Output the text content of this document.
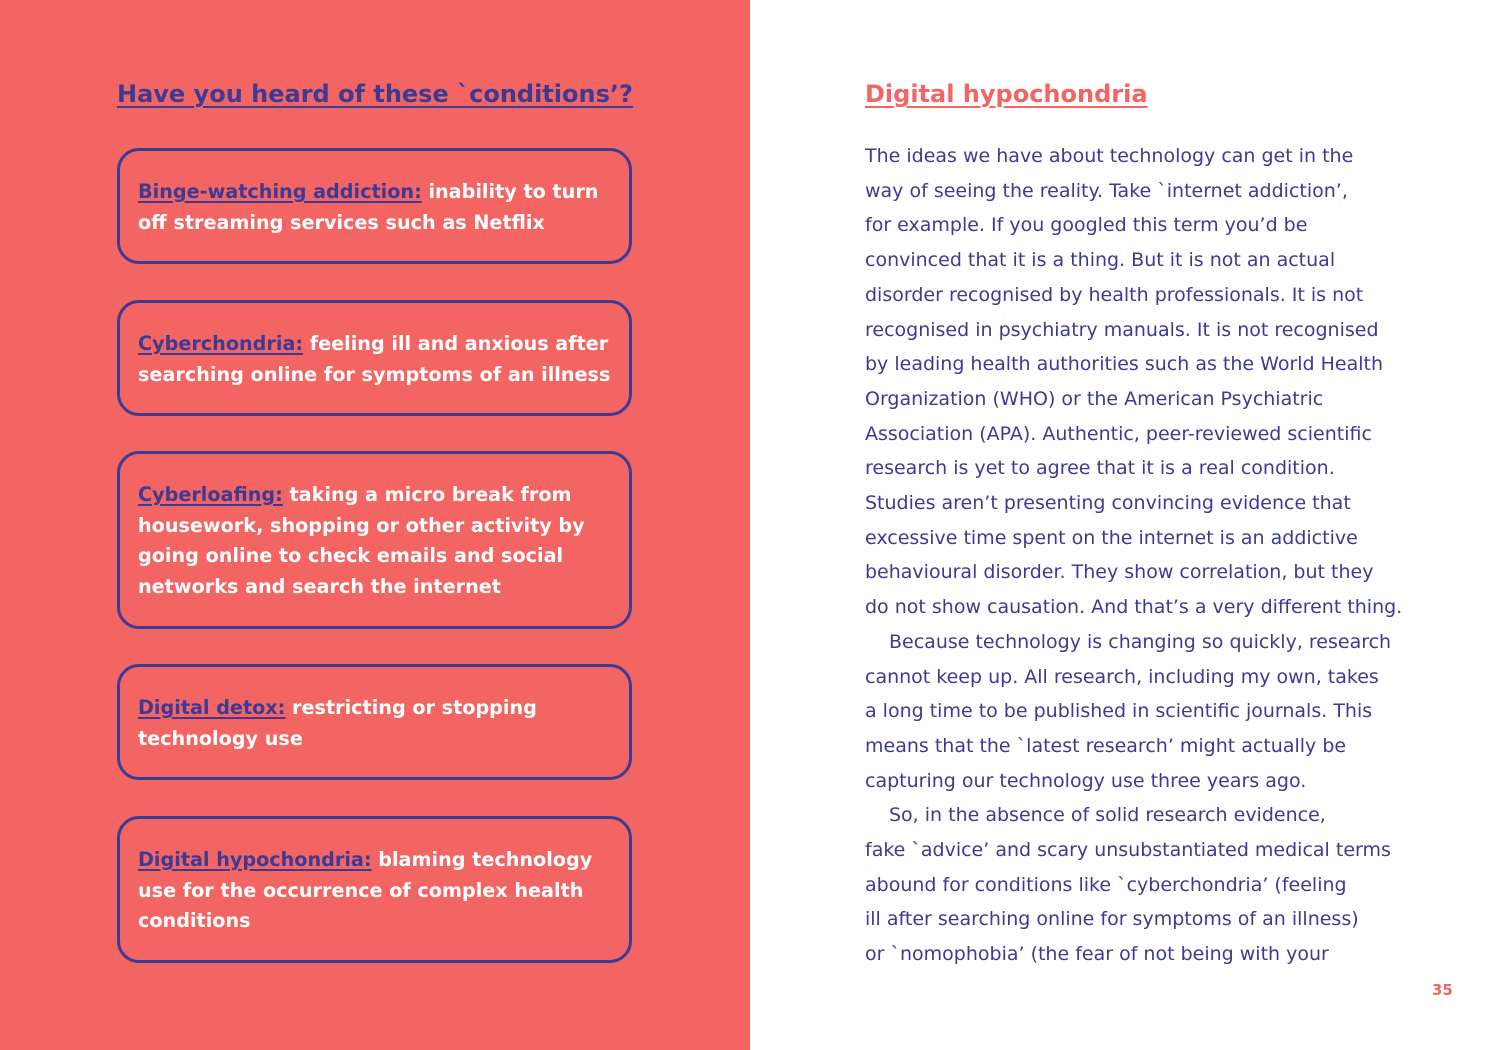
Have you heard of these `conditions’?
Binge-watching addiction: inability to turn off streaming services such as Netflix
Cyberchondria: feeling ill and anxious after searching online for symptoms of an illness
Cyberloafing: taking a micro break from housework, shopping or other activity by going online to check emails and social networks and search the internet
Digital detox: restricting or stopping technology use
Digital hypochondria: blaming technology use for the occurrence of complex health conditions
Digital hypochondria
The ideas we have about technology can get in the
way of seeing the reality. Take `internet addiction’,
for example. If you googled this term you’d be
convinced that it is a thing. But it is not an actual
disorder recognised by health professionals. It is not
recognised in psychiatry manuals. It is not recognised
by leading health authorities such as the World Health
Organization (WHO) or the American Psychiatric
Association (APA). Authentic, peer-reviewed scientific
research is yet to agree that it is a real condition.
Studies aren’t presenting convincing evidence that
excessive time spent on the internet is an addictive
behavioural disorder. They show correlation, but they
do not show causation. And that’s a very different thing.
Because technology is changing so quickly, research
cannot keep up. All research, including my own, takes
a long time to be published in scientific journals. This
means that the `latest research’ might actually be
capturing our technology use three years ago.
So, in the absence of solid research evidence,
fake `advice’ and scary unsubstantiated medical terms
abound for conditions like `cyberchondria’ (feeling
ill after searching online for symptoms of an illness)
or `nomophobia’ (the fear of not being with your
35
